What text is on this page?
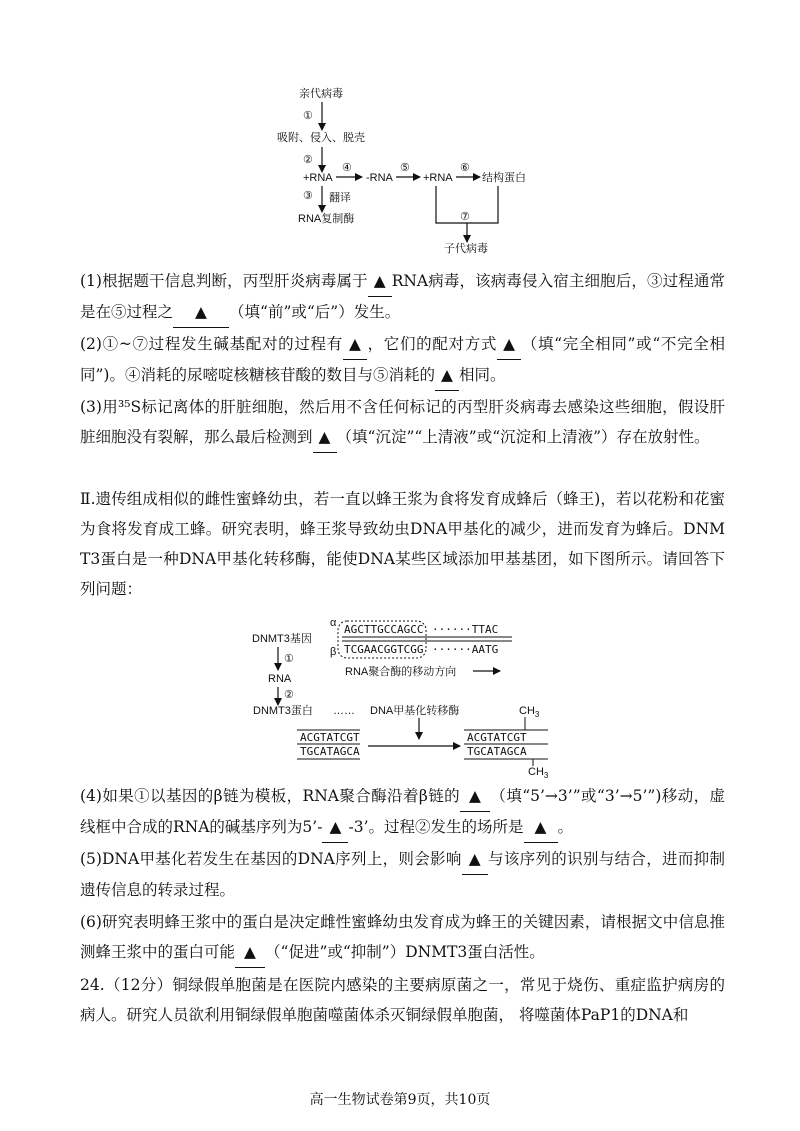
亲代病毒
①
吸附、侵入、脱壳
②
+RNA
④
-RNA
⑤
+RNA
⑥
结构蛋白
③ 翻译
RNA复制酶	⑦
子代病毒
(1)根据题干信息判断，丙型肝炎病毒属于 ▲ RNA病毒，该病毒侵入宿主细胞后，③过程通常是在⑤过程之 ▲ （填“前”或“后”）发生。
(2)①~⑦过程发生碱基配对的过程有 ▲ ，它们的配对方式 ▲ （填“完全相同”或“不完全相同”)。④消耗的尿嘧啶核糖核苷酸的数目与⑤消耗的 ▲ 相同。
(3)用³⁵S标记离体的肝脏细胞，然后用不含任何标记的丙型肝炎病毒去感染这些细胞，假设肝脏细胞没有裂解，那么最后检测到 ▲ （填“沉淀”“上清液”或“沉淀和上清液”）存在放射性。
Ⅱ.遗传组成相似的雌性蜜蜂幼虫，若一直以蜂王浆为食将发育成蜂后（蜂王)，若以花粉和花蜜为食将发育成工蜂。研究表明，蜂王浆导致幼虫DNA甲基化的减少，进而发育为蜂后。DNMT3蛋白是一种DNA甲基化转移酶，能使DNA某些区域添加甲基基团，如下图所示。请回答下列问题：
DNMT3基因
①
RNA
②
DNMT3蛋白 ……
α AGCTTGCCAGCC ······TTAC
β TCGAACGGTCGG ······AATG
RNA聚合酶的移动方向
DNA甲基化转移酶
ACGTATCGT
TGCATAGCA
$CH_3$
ACGTATCGT
TGCATAGCA
$CH_3$
(4)如果①以基因的β链为模板，RNA聚合酶沿着β链的 ▲ （填“5’→3’”或“3’→5’”)移动，虚线框中合成的RNA的碱基序列为5’- ▲ -3’。过程②发生的场所是 ▲ 。
(5)DNA甲基化若发生在基因的DNA序列上，则会影响 ▲ 与该序列的识别与结合，进而抑制遗传信息的转录过程。
(6)研究表明蜂王浆中的蛋白是决定雌性蜜蜂幼虫发育成为蜂王的关键因素，请根据文中信息推测蜂王浆中的蛋白可能 ▲ （“促进”或“抑制”）DNMT3蛋白活性。
24.（12分）铜绿假单胞菌是在医院内感染的主要病原菌之一，常见于烧伤、重症监护病房的病人。研究人员欲利用铜绿假单胞菌噬菌体杀灭铜绿假单胞菌， 将噬菌体PaP1的DNA和
高一生物试卷第9页，共10页
